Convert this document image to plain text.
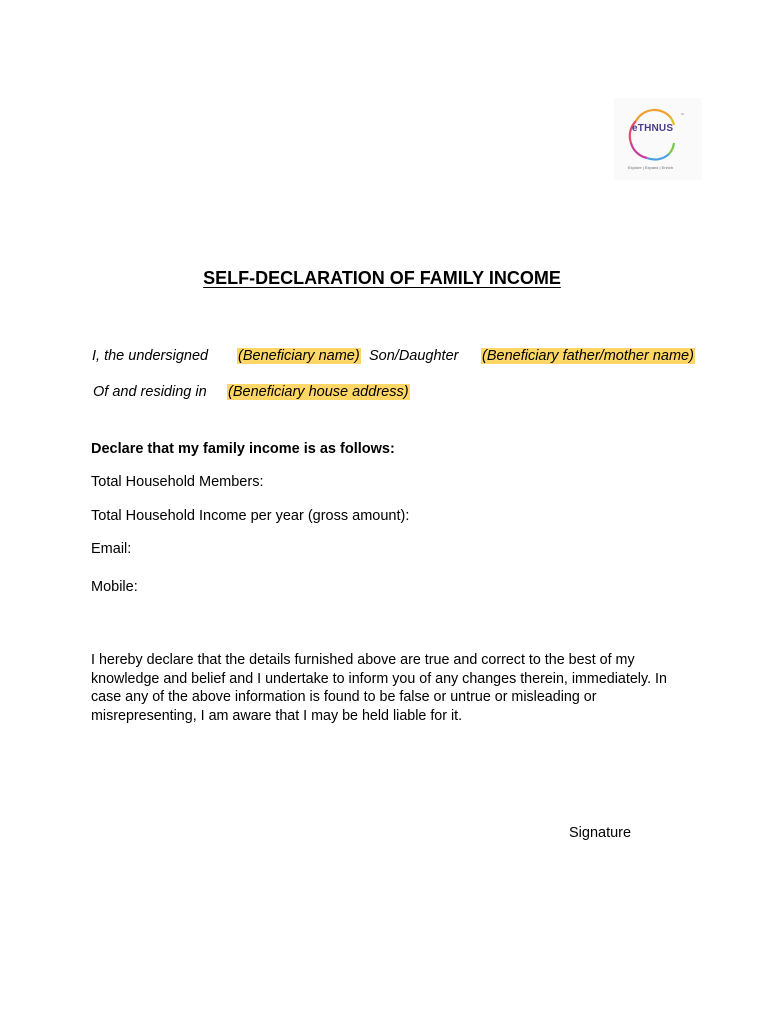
eTHNUS
™
Explore | Expand | Enrich
SELF-DECLARATION OF FAMILY INCOME
I, the undersigned (Beneficiary name) Son/Daughter (Beneficiary father/mother name)
Of and residing in (Beneficiary house address)
Declare that my family income is as follows:
Total Household Members:
Total Household Income per year (gross amount):
Email:
Mobile:
I hereby declare that the details furnished above are true and correct to the best of my knowledge and belief and I undertake to inform you of any changes therein, immediately. In case any of the above information is found to be false or untrue or misleading or misrepresenting, I am aware that I may be held liable for it.
Signature
